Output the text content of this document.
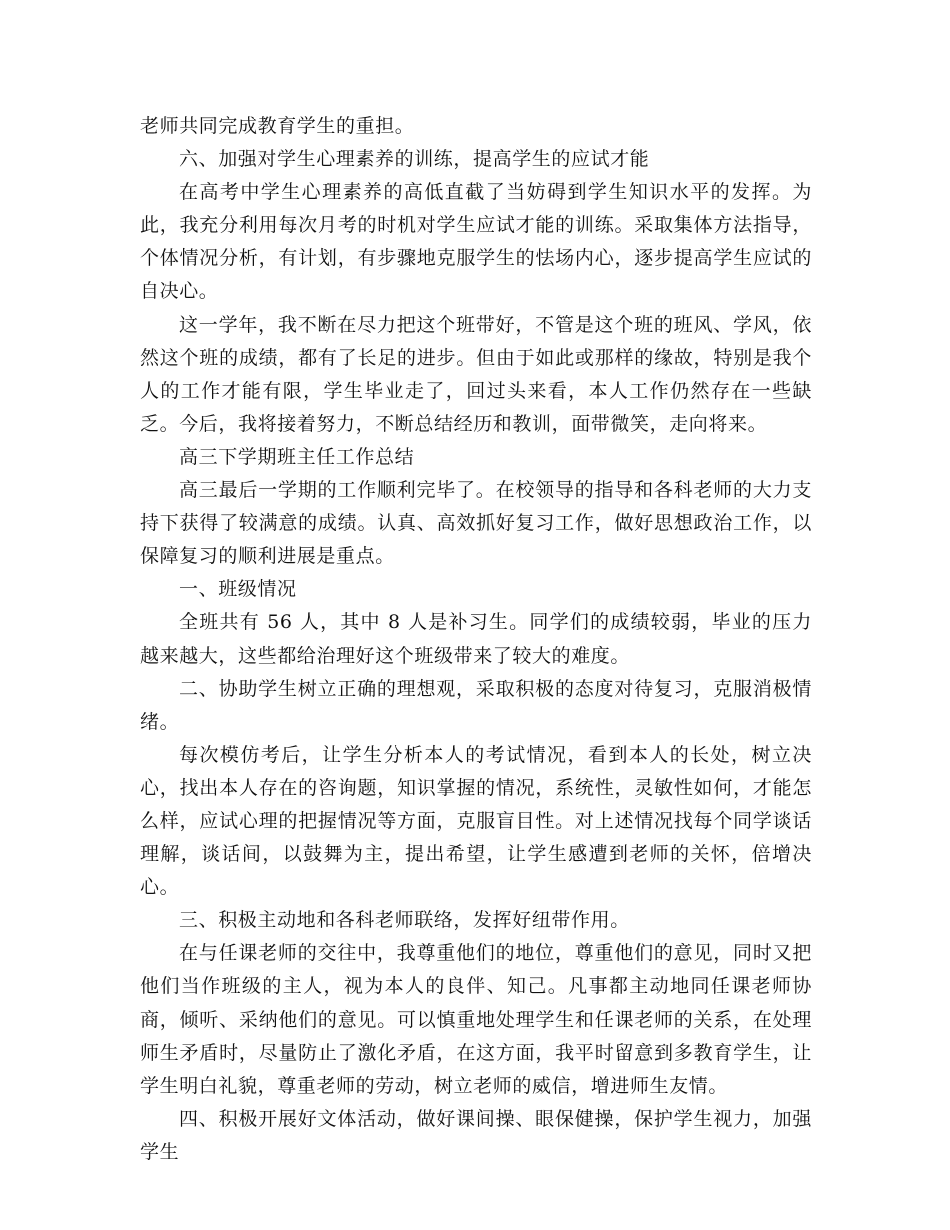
老师共同完成教育学生的重担。

六、加强对学生心理素养的训练，提高学生的应试才能

在高考中学生心理素养的高低直截了当妨碍到学生知识水平的发挥。为此，我充分利用每次月考的时机对学生应试才能的训练。采取集体方法指导，个体情况分析，有计划，有步骤地克服学生的怯场内心，逐步提高学生应试的自决心。

这一学年，我不断在尽力把这个班带好，不管是这个班的班风、学风，依然这个班的成绩，都有了长足的进步。但由于如此或那样的缘故，特别是我个人的工作才能有限，学生毕业走了，回过头来看，本人工作仍然存在一些缺乏。今后，我将接着努力，不断总结经历和教训，面带微笑，走向将来。

高三下学期班主任工作总结

高三最后一学期的工作顺利完毕了。在校领导的指导和各科老师的大力支持下获得了较满意的成绩。认真、高效抓好复习工作，做好思想政治工作，以保障复习的顺利进展是重点。

一、班级情况

全班共有 56 人，其中 8 人是补习生。同学们的成绩较弱，毕业的压力越来越大，这些都给治理好这个班级带来了较大的难度。

二、协助学生树立正确的理想观，采取积极的态度对待复习，克服消极情绪。

每次模仿考后，让学生分析本人的考试情况，看到本人的长处，树立决心，找出本人存在的咨询题，知识掌握的情况，系统性，灵敏性如何，才能怎么样，应试心理的把握情况等方面，克服盲目性。对上述情况找每个同学谈话理解，谈话间，以鼓舞为主，提出希望，让学生感遭到老师的关怀，倍增决心。

三、积极主动地和各科老师联络，发挥好纽带作用。

在与任课老师的交往中，我尊重他们的地位，尊重他们的意见，同时又把他们当作班级的主人，视为本人的良伴、知己。凡事都主动地同任课老师协商，倾听、采纳他们的意见。可以慎重地处理学生和任课老师的关系，在处理师生矛盾时，尽量防止了激化矛盾，在这方面，我平时留意到多教育学生，让学生明白礼貌，尊重老师的劳动，树立老师的威信，增进师生友情。

四、积极开展好文体活动，做好课间操、眼保健操，保护学生视力，加强学生
